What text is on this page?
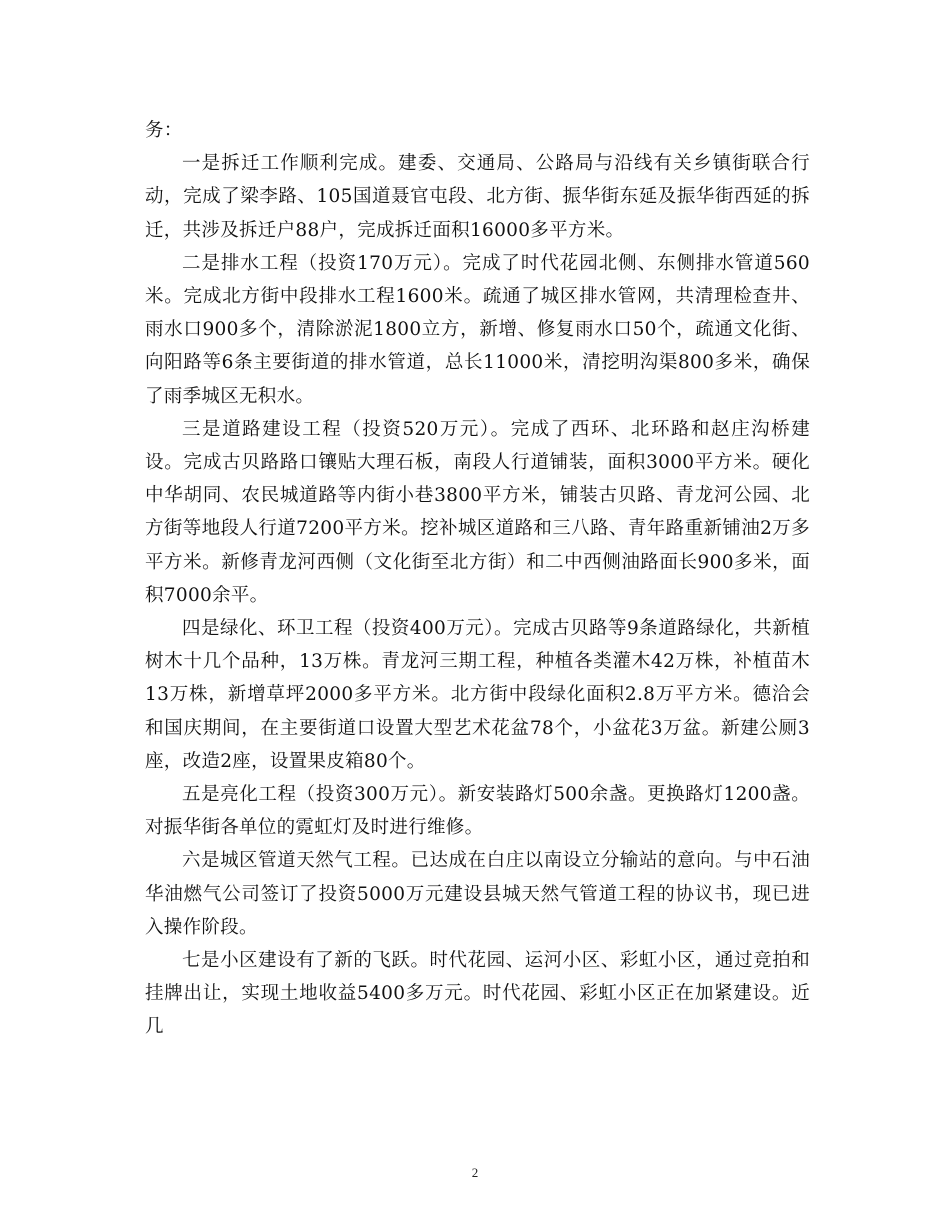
务：

一是拆迁工作顺利完成。建委、交通局、公路局与沿线有关乡镇街联合行动，完成了梁李路、105国道聂官屯段、北方街、振华街东延及振华街西延的拆迁，共涉及拆迁户88户，完成拆迁面积16000多平方米。

二是排水工程（投资170万元）。完成了时代花园北侧、东侧排水管道560米。完成北方街中段排水工程1600米。疏通了城区排水管网，共清理检查井、雨水口900多个，清除淤泥1800立方，新增、修复雨水口50个，疏通文化街、向阳路等6条主要街道的排水管道，总长11000米，清挖明沟渠800多米，确保了雨季城区无积水。

三是道路建设工程（投资520万元）。完成了西环、北环路和赵庄沟桥建设。完成古贝路路口镶贴大理石板，南段人行道铺装，面积3000平方米。硬化中华胡同、农民城道路等内街小巷3800平方米，铺装古贝路、青龙河公园、北方街等地段人行道7200平方米。挖补城区道路和三八路、青年路重新铺油2万多平方米。新修青龙河西侧（文化街至北方街）和二中西侧油路面长900多米，面积7000余平。

四是绿化、环卫工程（投资400万元）。完成古贝路等9条道路绿化，共新植树木十几个品种，13万株。青龙河三期工程，种植各类灌木42万株，补植苗木13万株，新增草坪2000多平方米。北方街中段绿化面积2.8万平方米。德洽会和国庆期间，在主要街道口设置大型艺术花盆78个，小盆花3万盆。新建公厕3座，改造2座，设置果皮箱80个。

五是亮化工程（投资300万元）。新安装路灯500余盏。更换路灯1200盏。对振华街各单位的霓虹灯及时进行维修。

六是城区管道天然气工程。已达成在白庄以南设立分输站的意向。与中石油华油燃气公司签订了投资5000万元建设县城天然气管道工程的协议书，现已进入操作阶段。

七是小区建设有了新的飞跃。时代花园、运河小区、彩虹小区，通过竞拍和挂牌出让，实现土地收益5400多万元。时代花园、彩虹小区正在加紧建设。近几

2
